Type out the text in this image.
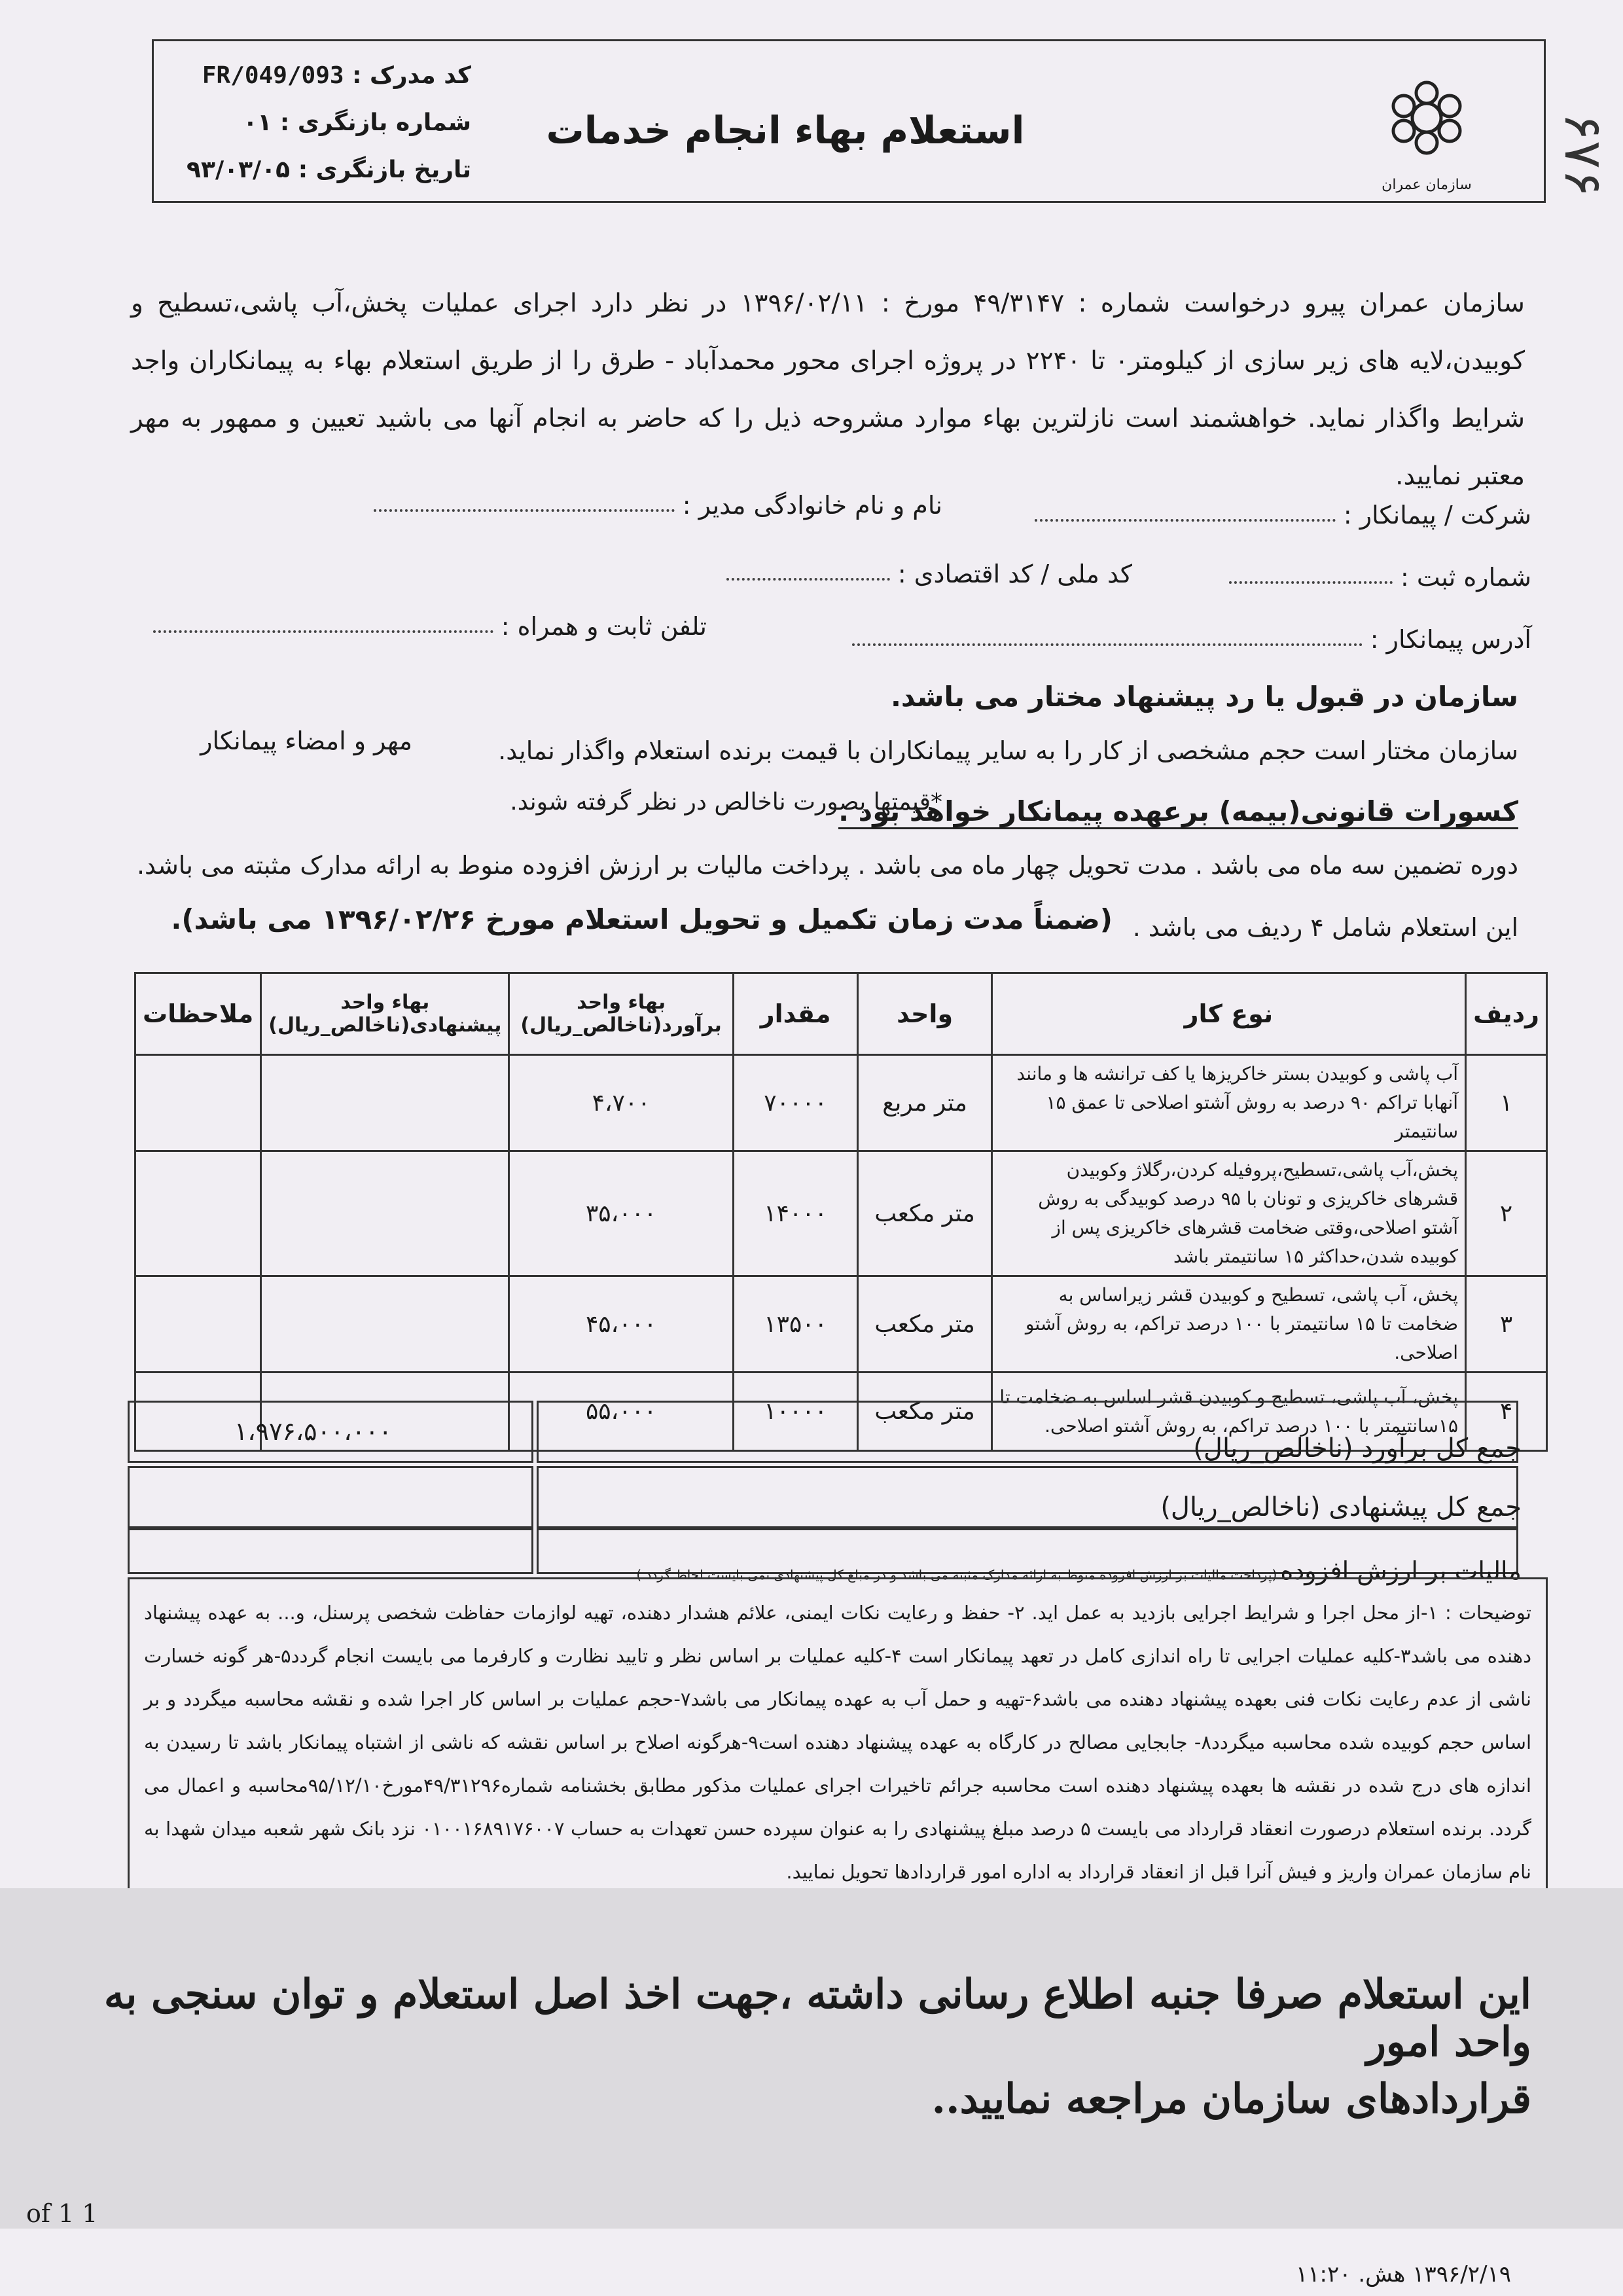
استعلام بهاء انجام خدمات
کد مدرک : FR/049/093
شماره بازنگری : ۰۱
تاریخ بازنگری : ۹۳/۰۳/۰۵
سازمان عمران	۶۷۶
سازمان عمران پیرو درخواست شماره : ۴۹/۳۱۴۷ مورخ : ۱۳۹۶/۰۲/۱۱ در نظر دارد اجرای عملیات پخش،آب پاشی،تسطیح و کوبیدن،لایه های زیر سازی از کیلومتر۰ تا ۲۲۴۰ در پروژه اجرای محور محمدآباد - طرق را از طریق استعلام بهاء به پیمانکاران واجد شرایط واگذار نماید. خواهشمند است نازلترین بهاء موارد مشروحه ذیل را که حاضر به انجام آنها می باشید تعیین و ممهور به مهر معتبر نمایید.
شرکت / پیمانکار :
نام و نام خانوادگی مدیر :
شماره ثبت :
کد ملی / کد اقتصادی :
آدرس پیمانکار :
تلفن ثابت و همراه :
سازمان در قبول یا رد پیشنهاد مختار می باشد.
سازمان مختار است حجم مشخصی از کار را به سایر پیمانکاران با قیمت برنده استعلام واگذار نماید.
مهر و امضاء پیمانکار
کسورات قانونی(بیمه) برعهده پیمانکار خواهد بود .
*قیمتها بصورت ناخالص در نظر گرفته شوند.
دوره تضمین سه ماه می باشد . مدت تحویل چهار ماه می باشد . پرداخت مالیات بر ارزش افزوده منوط به ارائه مدارک مثبته می باشد.
این استعلام شامل ۴ ردیف می باشد .
(ضمناً مدت زمان تکمیل و تحویل استعلام مورخ ۱۳۹۶/۰۲/۲۶ می باشد).
ردیف	نوع کار	واحد	مقدار	بهاء واحد برآورد(ناخالص_ریال)	بهاء واحد پیشنهادی(ناخالص_ریال)	ملاحظات
۱	آب پاشی و کوبیدن بستر خاکریزها یا کف ترانشه ها و مانند آنهابا تراکم ۹۰ درصد به روش آشتو اصلاحی تا عمق ۱۵ سانتیمتر	متر مربع	۷۰۰۰۰	۴،۷۰۰		
۲	پخش،آب پاشی،تسطیح،پروفیله کردن،رگلاژ وکوبیدن قشرهای خاکریزی و تونان با ۹۵ درصد کوبیدگی به روش آشتو اصلاحی،وقتی ضخامت قشرهای خاکریزی پس از کوبیده شدن،حداکثر ۱۵ سانتیمتر باشد	متر مکعب	۱۴۰۰۰	۳۵،۰۰۰		
۳	پخش، آب پاشی، تسطیح و کوبیدن قشر زیراساس به ضخامت تا ۱۵ سانتیمتر با ۱۰۰ درصد تراکم، به روش آشتو اصلاحی.	متر مکعب	۱۳۵۰۰	۴۵،۰۰۰		
۴	پخش، آب پاشی، تسطیح و کوبیدن قشر اساس به ضخامت تا ۱۵سانتیمتر با ۱۰۰ درصد تراکم، به روش آشتو اصلاحی.	متر مکعب	۱۰۰۰۰	۵۵،۰۰۰		
۱،۹۷۶،۵۰۰،۰۰۰
جمع کل برآورد (ناخالص_ریال)
جمع کل پیشنهادی (ناخالص_ریال)
مالیات بر ارزش افزوده (پرداخت مالیات بر ارزش افزوده منوط به ارائه مدارک مثبته می باشد و در مبلغ کل پیشنهادی نمی بایست لحاظ گردد.)
توضیحات : ۱-از محل اجرا و شرایط اجرایی بازدید به عمل اید. ۲- حفظ و رعایت نکات ایمنی، علائم هشدار دهنده، تهیه لوازمات حفاظت شخصی پرسنل، و... به عهده پیشنهاد دهنده می باشد۳-کلیه عملیات اجرایی تا راه اندازی کامل در تعهد پیمانکار است ۴-کلیه عملیات بر اساس نظر و تایید نظارت و کارفرما می بایست انجام گردد۵-هر گونه خسارت ناشی از عدم رعایت نکات فنی بعهده پیشنهاد دهنده می باشد۶-تهیه و حمل آب به عهده پیمانکار می باشد۷-حجم عملیات بر اساس کار اجرا شده و نقشه محاسبه میگردد و بر اساس حجم کوبیده شده محاسبه میگردد۸- جابجایی مصالح در کارگاه به عهده پیشنهاد دهنده است۹-هرگونه اصلاح بر اساس نقشه که ناشی از اشتباه پیمانکار باشد تا رسیدن به اندازه های درج شده در نقشه ها بعهده پیشنهاد دهنده است محاسبه جرائم تاخیرات اجرای عملیات مذکور مطابق بخشنامه شماره۴۹/۳۱۲۹۶مورخ۹۵/۱۲/۱۰محاسبه و اعمال می گردد. برنده استعلام درصورت انعقاد قرارداد می بایست ۵ درصد مبلغ پیشنهادی را به عنوان سپرده حسن تعهدات به حساب ۰۱۰۰۱۶۸۹۱۷۶۰۰۷ نزد بانک شهر شعبه میدان شهدا به نام سازمان عمران واریز و فیش آنرا قبل از انعقاد قرارداد به اداره امور قراردادها تحویل نمایید.
این استعلام صرفا جنبه اطلاع رسانی داشته ،جهت اخذ اصل استعلام و توان سنجی به واحد امور
قراردادهای سازمان مراجعه نمایید..
of 1 1
۱۳۹۶/۲/۱۹ هش. ۱۱:۲۰
